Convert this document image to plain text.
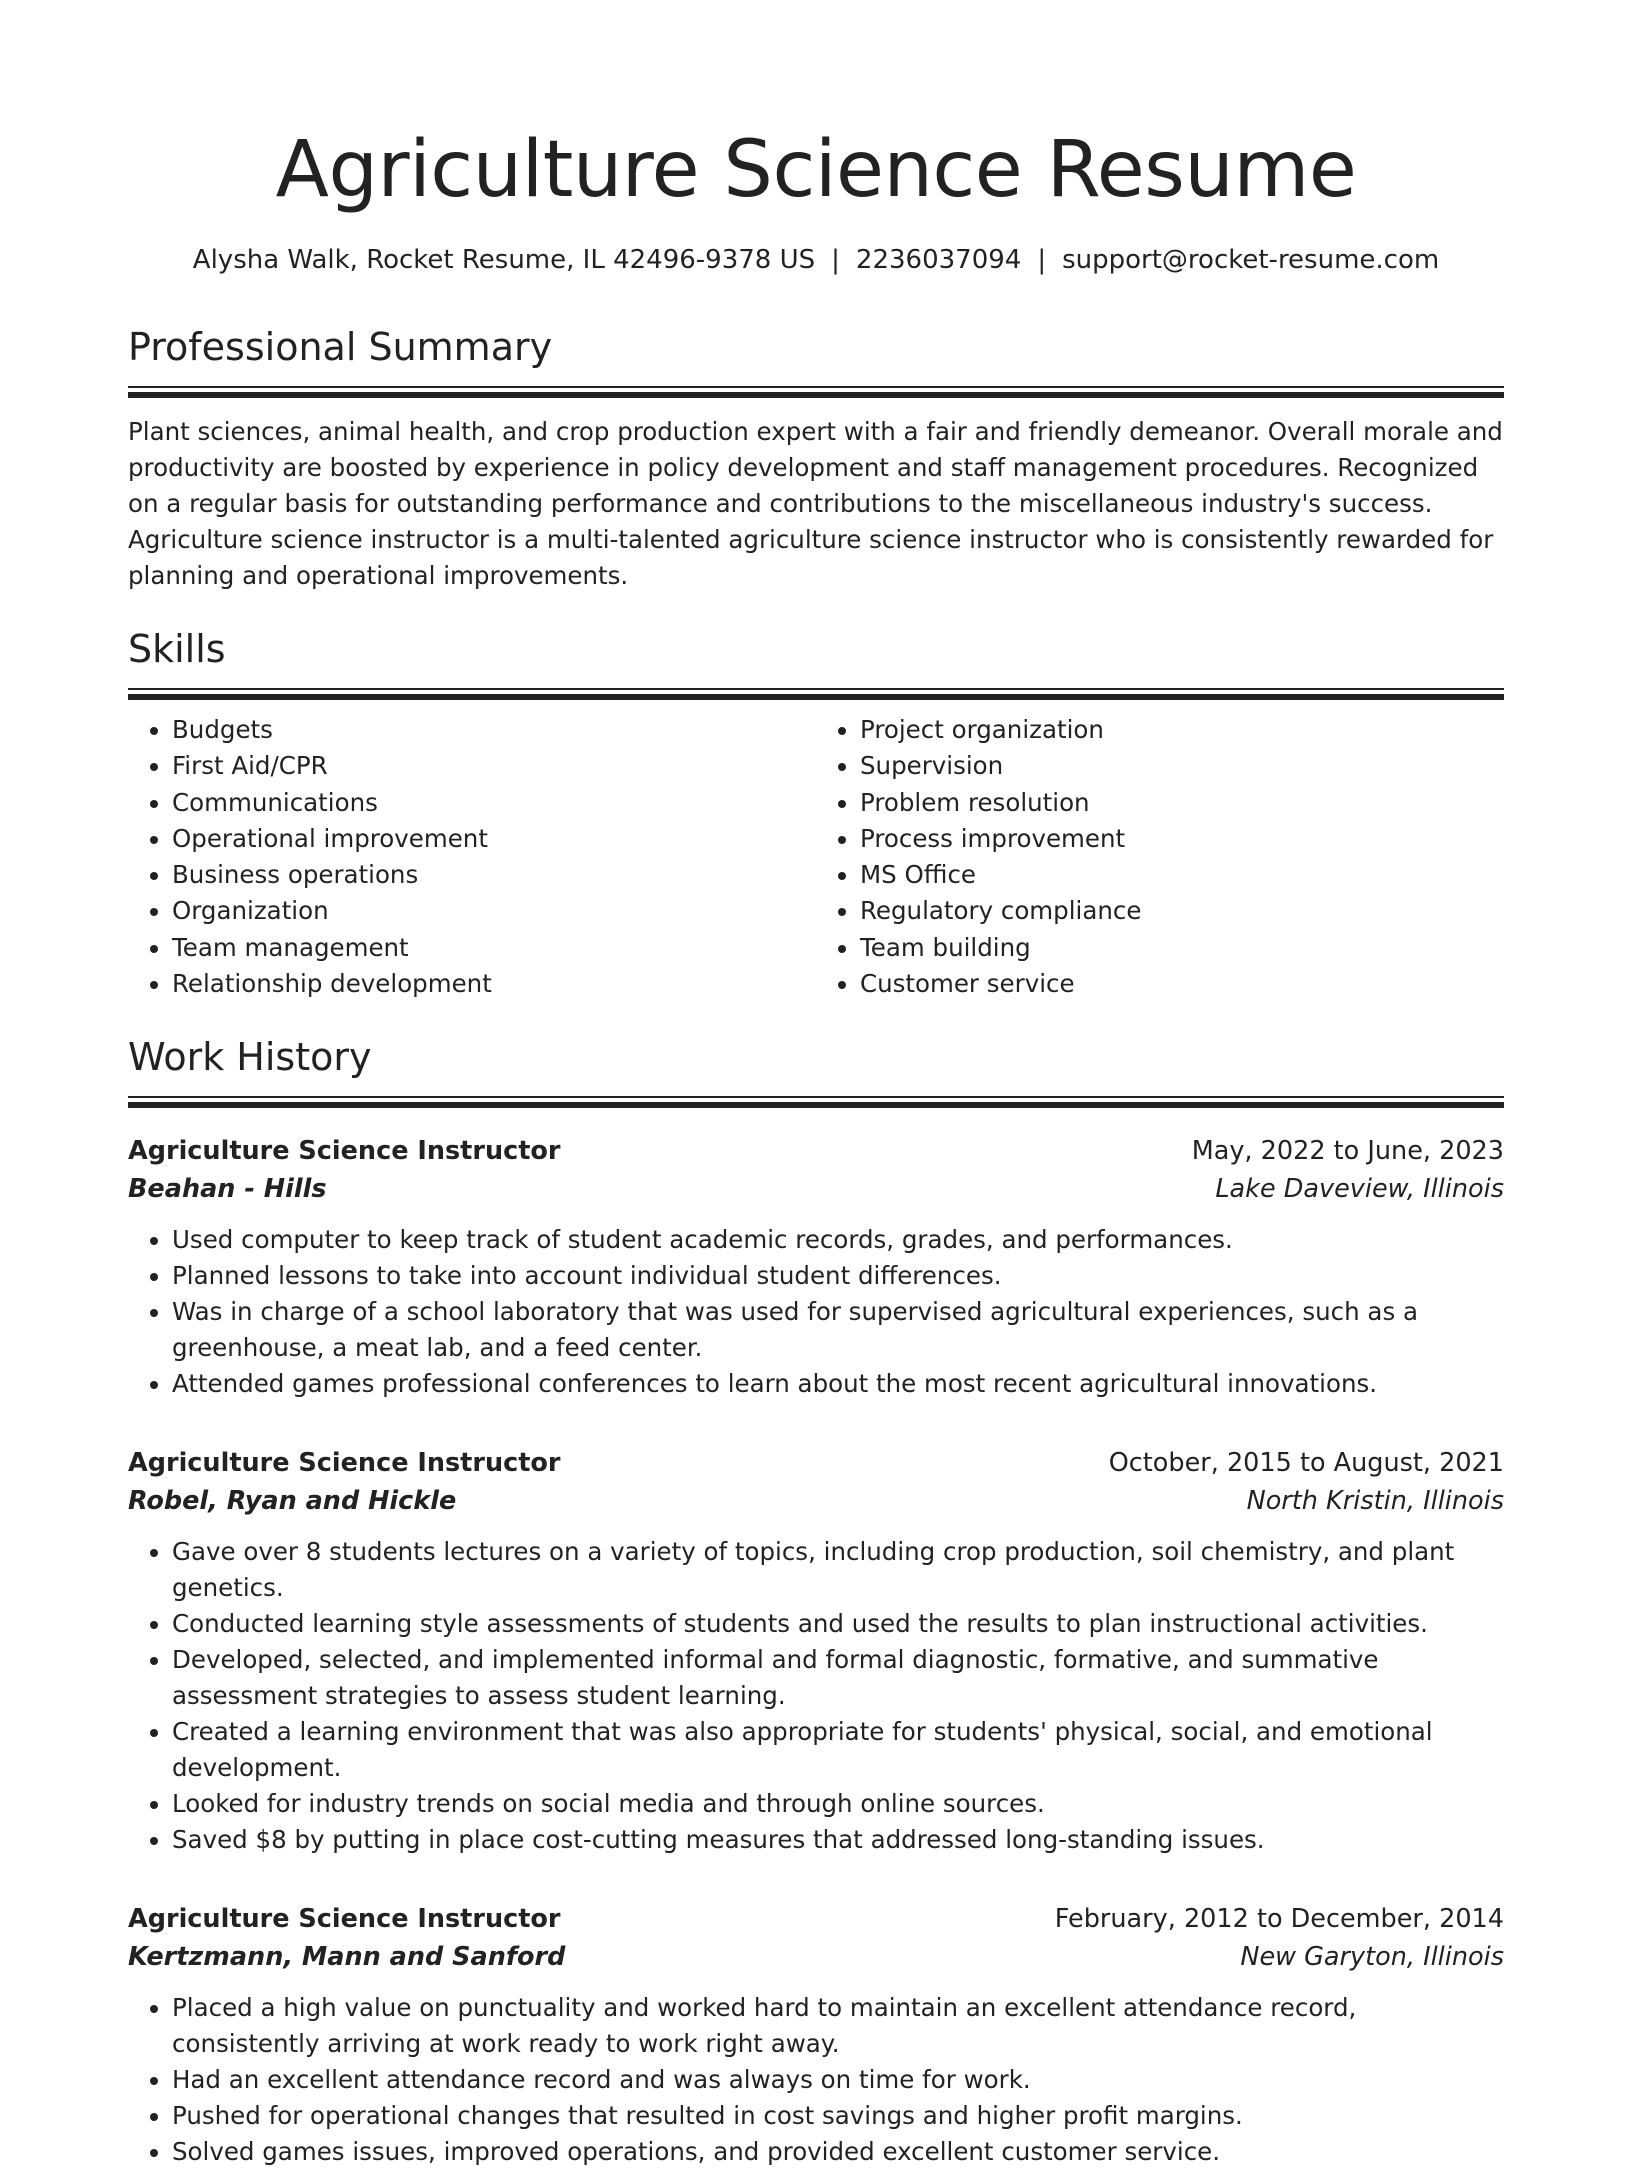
Agriculture Science Resume
Alysha Walk, Rocket Resume, IL 42496-9378 US | 2236037094 | support@rocket-resume.com
Professional Summary
Plant sciences, animal health, and crop production expert with a fair and friendly demeanor. Overall morale and productivity are boosted by experience in policy development and staff management procedures. Recognized on a regular basis for outstanding performance and contributions to the miscellaneous industry's success. Agriculture science instructor is a multi-talented agriculture science instructor who is consistently rewarded for planning and operational improvements.
Skills
• Budgets
• First Aid/CPR
• Communications
• Operational improvement
• Business operations
• Organization
• Team management
• Relationship development
• Project organization
• Supervision
• Problem resolution
• Process improvement
• MS Office
• Regulatory compliance
• Team building
• Customer service
Work History
Agriculture Science Instructor	May, 2022 to June, 2023
Beahan - Hills	Lake Daveview, Illinois
• Used computer to keep track of student academic records, grades, and performances.
• Planned lessons to take into account individual student differences.
• Was in charge of a school laboratory that was used for supervised agricultural experiences, such as a greenhouse, a meat lab, and a feed center.
• Attended games professional conferences to learn about the most recent agricultural innovations.
Agriculture Science Instructor	October, 2015 to August, 2021
Robel, Ryan and Hickle	North Kristin, Illinois
• Gave over 8 students lectures on a variety of topics, including crop production, soil chemistry, and plant genetics.
• Conducted learning style assessments of students and used the results to plan instructional activities.
• Developed, selected, and implemented informal and formal diagnostic, formative, and summative assessment strategies to assess student learning.
• Created a learning environment that was also appropriate for students' physical, social, and emotional development.
• Looked for industry trends on social media and through online sources.
• Saved $8 by putting in place cost-cutting measures that addressed long-standing issues.
Agriculture Science Instructor	February, 2012 to December, 2014
Kertzmann, Mann and Sanford	New Garyton, Illinois
• Placed a high value on punctuality and worked hard to maintain an excellent attendance record, consistently arriving at work ready to work right away.
• Had an excellent attendance record and was always on time for work.
• Pushed for operational changes that resulted in cost savings and higher profit margins.
• Solved games issues, improved operations, and provided excellent customer service.
